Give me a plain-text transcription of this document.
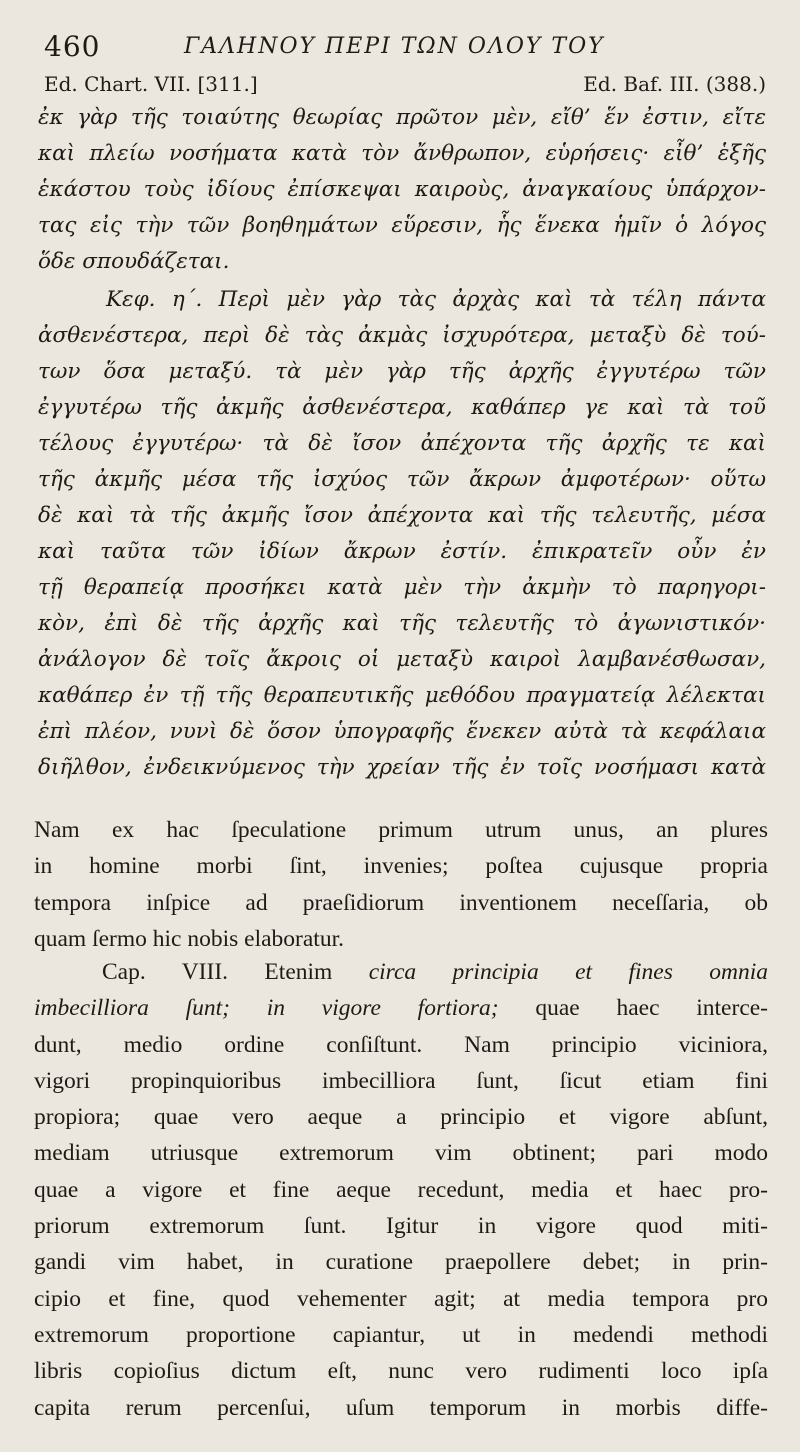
460	ΓΑΛΗΝΟΥ ΠΕΡΙ ΤΩΝ ΟΛΟΥ ΤΟΥ
Ed. Chart. VII. [311.]	Ed. Baf. III. (388.)
ἐκ γὰρ τῆς τοιαύτης θεωρίας πρῶτον μὲν, εἴθ’ ἕν ἐστιν, εἴτε
καὶ πλείω νοσήματα κατὰ τὸν ἄνθρωπον, εὑρήσεις· εἶθ’ ἑξῆς
ἑκάστου τοὺς ἰδίους ἐπίσκεψαι καιροὺς, ἀναγκαίους ὑπάρχον-
τας εἰς τὴν τῶν βοηθημάτων εὕρεσιν, ἧς ἕνεκα ἡμῖν ὁ λόγος
ὅδε σπουδάζεται.
Κεφ. η΄. Περὶ μὲν γὰρ τὰς ἀρχὰς καὶ τὰ τέλη πάντα
ἀσθενέστερα, περὶ δὲ τὰς ἀκμὰς ἰσχυρότερα, μεταξὺ δὲ τού-
των ὅσα μεταξύ. τὰ μὲν γὰρ τῆς ἀρχῆς ἐγγυτέρω τῶν
ἐγγυτέρω τῆς ἀκμῆς ἀσθενέστερα, καθάπερ γε καὶ τὰ τοῦ
τέλους ἐγγυτέρω· τὰ δὲ ἴσον ἀπέχοντα τῆς ἀρχῆς τε καὶ
τῆς ἀκμῆς μέσα τῆς ἰσχύος τῶν ἄκρων ἀμφοτέρων· οὕτω
δὲ καὶ τὰ τῆς ἀκμῆς ἴσον ἀπέχοντα καὶ τῆς τελευτῆς, μέσα
καὶ ταῦτα τῶν ἰδίων ἄκρων ἐστίν. ἐπικρατεῖν οὖν ἐν
τῇ θεραπείᾳ προσήκει κατὰ μὲν τὴν ἀκμὴν τὸ παρηγορι-
κὸν, ἐπὶ δὲ τῆς ἀρχῆς καὶ τῆς τελευτῆς τὸ ἀγωνιστικόν·
ἀνάλογον δὲ τοῖς ἄκροις οἱ μεταξὺ καιροὶ λαμβανέσθωσαν,
καθάπερ ἐν τῇ τῆς θεραπευτικῆς μεθόδου πραγματείᾳ λέλεκται
ἐπὶ πλέον, νυνὶ δὲ ὅσον ὑπογραφῆς ἕνεκεν αὐτὰ τὰ κεφάλαια
διῆλθον, ἐνδεικνύμενος τὴν χρείαν τῆς ἐν τοῖς νοσήμασι κατὰ
Nam ex hac ſpeculatione primum utrum unus, an plures
in homine morbi ſint, invenies; poſtea cujusque propria
tempora inſpice ad praeſidiorum inventionem neceſſaria, ob
quam ſermo hic nobis elaboratur.
Cap. VIII. Etenim circa principia et fines omnia
imbecilliora ſunt; in vigore fortiora; quae haec interce-
dunt, medio ordine conſiſtunt. Nam principio viciniora,
vigori propinquioribus imbecilliora ſunt, ſicut etiam fini
propiora; quae vero aeque a principio et vigore abſunt,
mediam utriusque extremorum vim obtinent; pari modo
quae a vigore et fine aeque recedunt, media et haec pro-
priorum extremorum ſunt. Igitur in vigore quod miti-
gandi vim habet, in curatione praepollere debet; in prin-
cipio et fine, quod vehementer agit; at media tempora pro
extremorum proportione capiantur, ut in medendi methodi
libris copioſius dictum eſt, nunc vero rudimenti loco ipſa
capita rerum percenſui, uſum temporum in morbis diffe-
